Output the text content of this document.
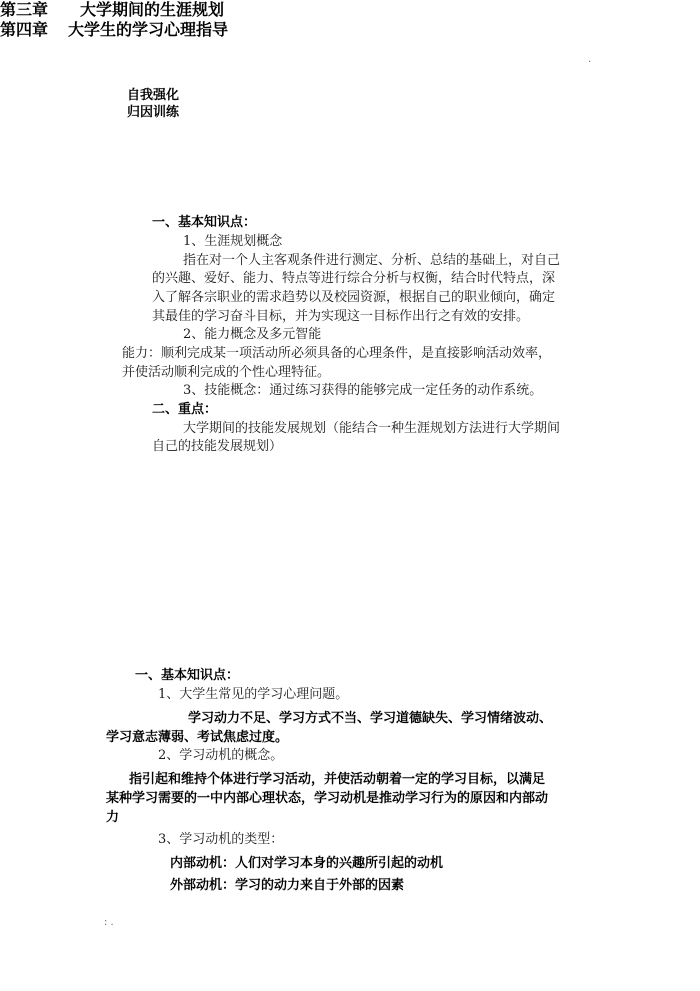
.
自我强化
归因训练
第三章 大学期间的生涯规划
一、基本知识点：
1、生涯规划概念
指在对一个人主客观条件进行测定、分析、总结的基础上，对自己
的兴趣、爱好、能力、特点等进行综合分析与权衡，结合时代特点，深
入了解各宗职业的需求趋势以及校园资源，根据自己的职业倾向，确定
其最佳的学习奋斗目标，并为实现这一目标作出行之有效的安排。
2、能力概念及多元智能
能力：顺利完成某一项活动所必须具备的心理条件，是直接影响活动效率，
并使活动顺利完成的个性心理特征。
3、技能概念：通过练习获得的能够完成一定任务的动作系统。
二、重点：
大学期间的技能发展规划（能结合一种生涯规划方法进行大学期间
自己的技能发展规划）
第四章 大学生的学习心理指导
一、基本知识点：
1、大学生常见的学习心理问题。
学习动力不足、学习方式不当、学习道德缺失、学习情绪波动、
学习意志薄弱、考试焦虑过度。
2、学习动机的概念。
指引起和维持个体进行学习活动，并使活动朝着一定的学习目标，以满足
某种学习需要的一中内部心理状态，学习动机是推动学习行为的原因和内部动
力
3、学习动机的类型：
内部动机：人们对学习本身的兴趣所引起的动机
外部动机：学习的动力来自于外部的因素
: .
